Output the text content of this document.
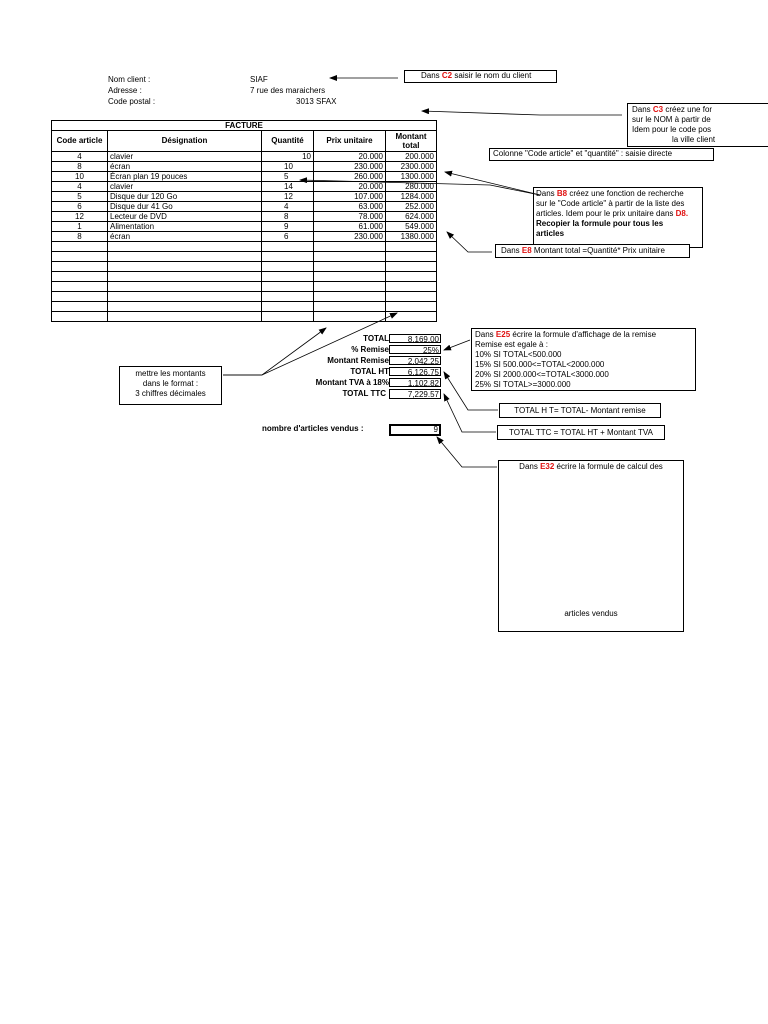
Nom client :	SIAF
Adresse :	7 rue des maraichers
Code postal :	3013 SFAX
FACTURE				
Code article	Désignation	Quantité	Prix unitaire	Montant total
4	clavier	10	20.000	200.000
8	écran	10	230.000	2300.000
10	Écran plan 19 pouces	5	260.000	1300.000
4	clavier	14	20.000	280.000
5	Disque dur 120 Go	12	107.000	1284.000
6	Disque dur 41 Go	4	63.000	252.000
12	Lecteur de DVD	8	78.000	624.000
1	Alimentation	9	61.000	549.000
8	écran	6	230.000	1380.000

TOTAL	8,169.00
% Remise	25%
Montant Remise	2,042.25
TOTAL HT	6,126.75
Montant TVA à 18%	1,102.82
TOTAL TTC	7,229.57
nombre d'articles vendus :	9
Dans C2 saisir le nom du client
Dans C3 créez une for
sur le NOM à partir de
Idem pour le code pos
la ville client
Colonne "Code article" et "quantité" : saisie directe
Dans B8 créez une fonction de recherche
sur le "Code article" à partir de la liste des
articles. Idem pour le prix unitaire dans D8.
Recopier la formule pour tous les
articles
Dans E8 Montant total =Quantité* Prix unitaire
Dans E25 écrire la formule d'affichage de la remise
Remise est egale à :
10% SI TOTAL<500.000
15% SI 500.000<=TOTAL<2000.000
20% SI 2000.000<=TOTAL<3000.000
25% SI TOTAL>=3000.000
mettre les montants
dans le format :
3 chiffres décimales
TOTAL H T= TOTAL- Montant remise
TOTAL TTC = TOTAL HT + Montant TVA
Dans E32 écrire la formule de calcul des
articles vendus
